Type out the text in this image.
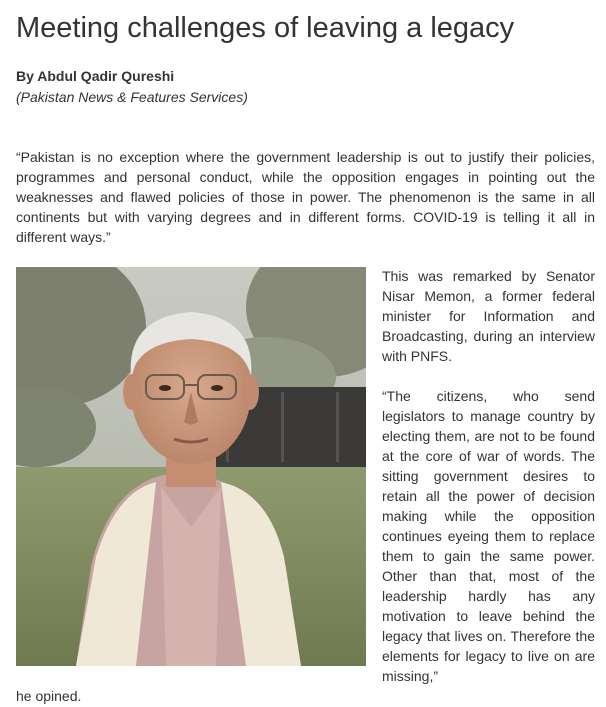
Meeting challenges of leaving a legacy
By Abdul Qadir Qureshi
(Pakistan News & Features Services)

“Pakistan is no exception where the government leadership is out to justify their policies, programmes and personal conduct, while the opposition engages in pointing out the weaknesses and flawed policies of those in power. The phenomenon is the same in all continents but with varying degrees and in different forms. COVID-19 is telling it all in different ways.”

This was remarked by Senator Nisar Memon, a former federal minister for Information and Broadcasting, during an interview with PNFS.

“The citizens, who send legislators to manage country by electing them, are not to be found at the core of war of words. The sitting government desires to retain all the power of decision making while the opposition continues eyeing them to replace them to gain the same power. Other than that, most of the leadership hardly has any motivation to leave behind the legacy that lives on. Therefore the elements for legacy to live on are missing,”

he opined.
